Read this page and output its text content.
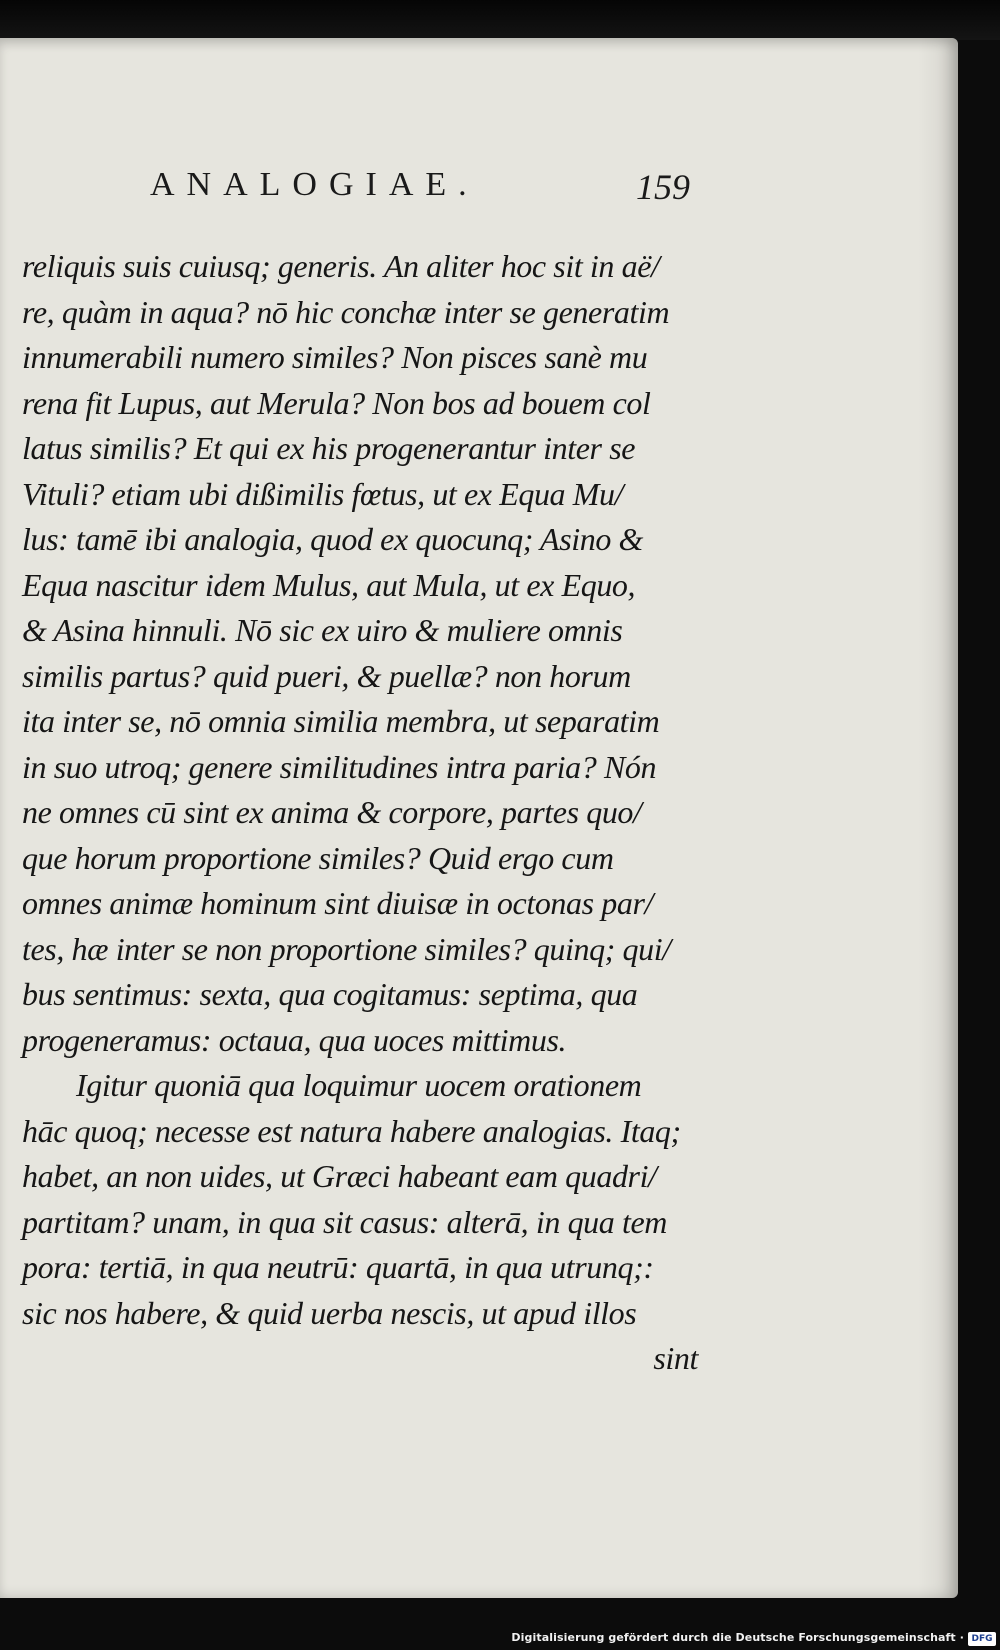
ANALOGIAE.	159
reliquis suis cuiusq; generis. An aliter hoc sit in aë/
re, quàm in aqua? nō hic conchæ inter se generatim
innumerabili numero similes? Non pisces sanè mu
rena fit Lupus, aut Merula? Non bos ad bouem col
latus similis? Et qui ex his progenerantur inter se
Vituli? etiam ubi dißimilis fœtus, ut ex Equa Mu/
lus: tamē ibi analogia, quod ex quocunq; Asino &
Equa nascitur idem Mulus, aut Mula, ut ex Equo,
& Asina hinnuli. Nō sic ex uiro & muliere omnis
similis partus? quid pueri, & puellæ? non horum
ita inter se, nō omnia similia membra, ut separatim
in suo utroq; genere similitudines intra paria? Nón
ne omnes cū sint ex anima & corpore, partes quo/
que horum proportione similes? Quid ergo cum
omnes animæ hominum sint diuisæ in octonas par/
tes, hæ inter se non proportione similes? quinq; qui/
bus sentimus: sexta, qua cogitamus: septima, qua
progeneramus: octaua, qua uoces mittimus.
Igitur quoniā qua loquimur uocem orationem
hāc quoq; necesse est natura habere analogias. Itaq;
habet, an non uides, ut Græci habeant eam quadri/
partitam? unam, in qua sit casus: alterā, in qua tem
pora: tertiā, in qua neutrū: quartā, in qua utrunq;:
sic nos habere, & quid uerba nescis, ut apud illos
sint
Digitalisierung gefördert durch die Deutsche Forschungsgemeinschaft · DFG
